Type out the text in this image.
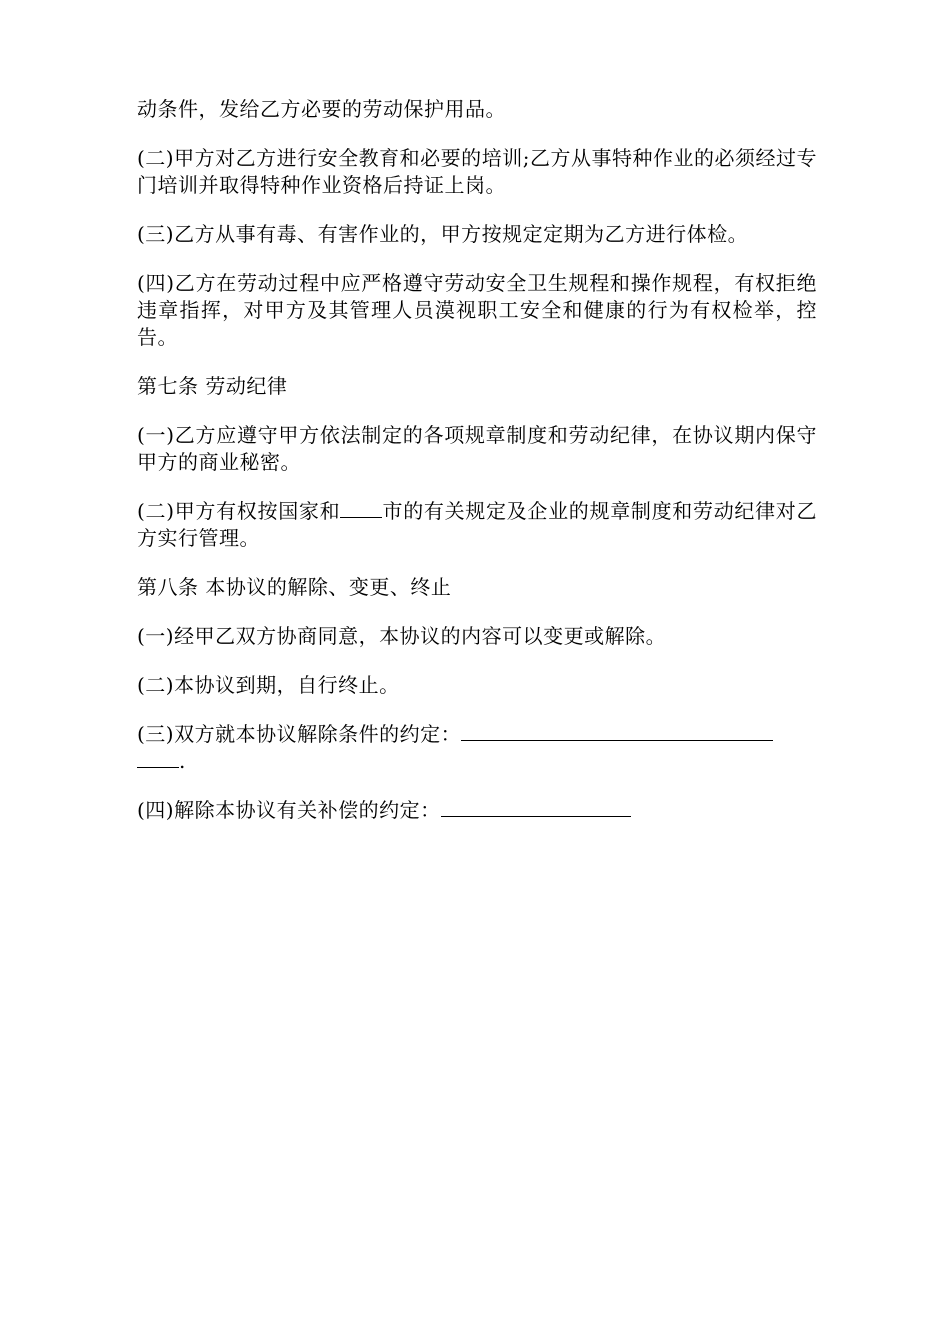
动条件，发给乙方必要的劳动保护用品。

(二)甲方对乙方进行安全教育和必要的培训;乙方从事特种作业的必须经过专门培训并取得特种作业资格后持证上岗。

(三)乙方从事有毒、有害作业的，甲方按规定定期为乙方进行体检。

(四)乙方在劳动过程中应严格遵守劳动安全卫生规程和操作规程，有权拒绝违章指挥，对甲方及其管理人员漠视职工安全和健康的行为有权检举，控告。

第七条 劳动纪律

(一)乙方应遵守甲方依法制定的各项规章制度和劳动纪律，在协议期内保守甲方的商业秘密。

(二)甲方有权按国家和 市的有关规定及企业的规章制度和劳动纪律对乙方实行管理。

第八条 本协议的解除、变更、终止

(一)经甲乙双方协商同意，本协议的内容可以变更或解除。

(二)本协议到期，自行终止。

(三)双方就本协议解除条件的约定：
.

(四)解除本协议有关补偿的约定：
